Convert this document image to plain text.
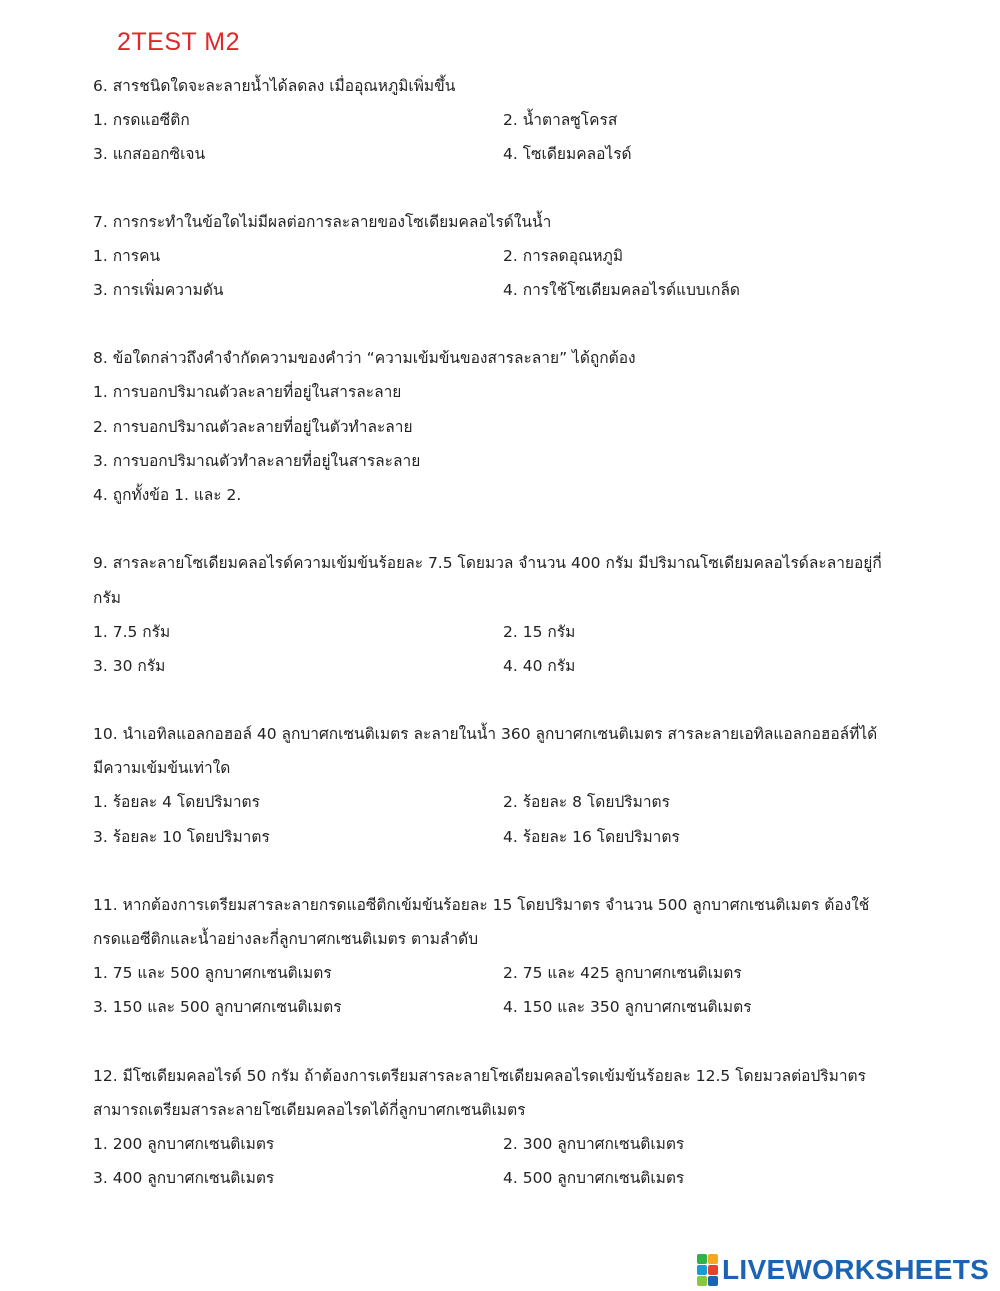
2TEST M2
6. สารชนิดใดจะละลายน้ำได้ลดลง เมื่ออุณหภูมิเพิ่มขึ้น
1. กรดแอซีติก	2. น้ำตาลซูโครส
3. แกสออกซิเจน	4. โซเดียมคลอไรด์
7. การกระทำในข้อใดไม่มีผลต่อการละลายของโซเดียมคลอไรด์ในน้ำ
1. การคน	2. การลดอุณหภูมิ
3. การเพิ่มความดัน	4. การใช้โซเดียมคลอไรด์แบบเกล็ด
8. ข้อใดกล่าวถึงคำจำกัดความของคำว่า “ความเข้มข้นของสารละลาย” ได้ถูกต้อง
1. การบอกปริมาณตัวละลายที่อยู่ในสารละลาย
2. การบอกปริมาณตัวละลายที่อยู่ในตัวทำละลาย
3. การบอกปริมาณตัวทำละลายที่อยู่ในสารละลาย
4. ถูกทั้งข้อ 1. และ 2.
9. สารละลายโซเดียมคลอไรด์ความเข้มข้นร้อยละ 7.5 โดยมวล จำนวน 400 กรัม มีปริมาณโซเดียมคลอไรด์ละลายอยู่กี่
กรัม
1. 7.5 กรัม	2. 15 กรัม
3. 30 กรัม	4. 40 กรัม
10. นำเอทิลแอลกอฮอล์ 40 ลูกบาศกเซนติเมตร ละลายในน้ำ 360 ลูกบาศกเซนติเมตร สารละลายเอทิลแอลกอฮอล์ที่ได้
มีความเข้มข้นเท่าใด
1. ร้อยละ 4 โดยปริมาตร	2. ร้อยละ 8 โดยปริมาตร
3. ร้อยละ 10 โดยปริมาตร	4. ร้อยละ 16 โดยปริมาตร
11. หากต้องการเตรียมสารละลายกรดแอซีติกเข้มข้นร้อยละ 15 โดยปริมาตร จำนวน 500 ลูกบาศกเซนติเมตร ต้องใช้
กรดแอซีติกและน้ำอย่างละกี่ลูกบาศกเซนติเมตร ตามลำดับ
1. 75 และ 500 ลูกบาศกเซนติเมตร	2. 75 และ 425 ลูกบาศกเซนติเมตร
3. 150 และ 500 ลูกบาศกเซนติเมตร	4. 150 และ 350 ลูกบาศกเซนติเมตร
12. มีโซเดียมคลอไรด์ 50 กรัม ถ้าต้องการเตรียมสารละลายโซเดียมคลอไรดเข้มข้นร้อยละ 12.5 โดยมวลต่อปริมาตร
สามารถเตรียมสารละลายโซเดียมคลอไรดได้กี่ลูกบาศกเซนติเมตร
1. 200 ลูกบาศกเซนติเมตร	2. 300 ลูกบาศกเซนติเมตร
3. 400 ลูกบาศกเซนติเมตร	4. 500 ลูกบาศกเซนติเมตร
LIVEWORKSHEETS
